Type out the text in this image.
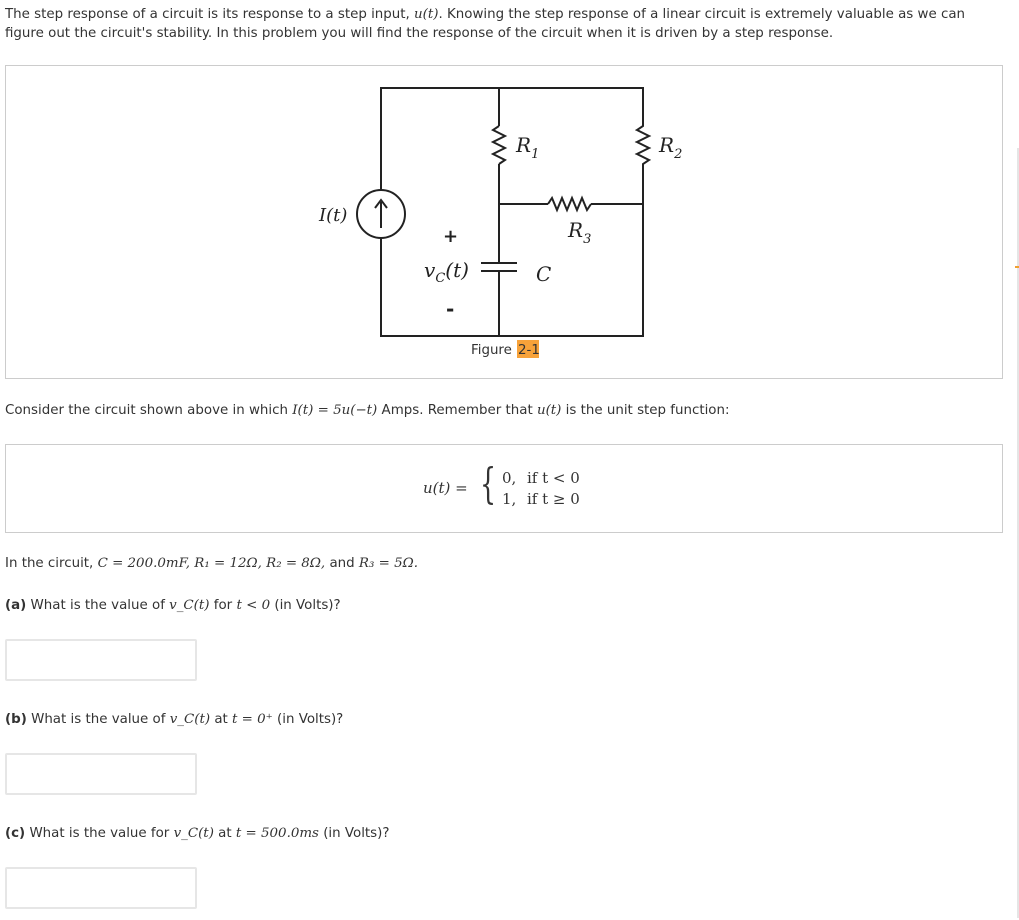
The step response of a circuit is its response to a step input, u(t). Knowing the step response of a linear circuit is extremely valuable as we can
figure out the circuit's stability. In this problem you will find the response of the circuit when it is driven by a step response.
I(t)
$R_1$	$R_2$
$R_3$
C
$v_C(t)$
+
-
Figure 2-1
Consider the circuit shown above in which I(t) = 5u(−t) Amps. Remember that u(t) is the unit step function:
u(t) = { 0, if t < 0
1, if t ≥ 0
In the circuit, C = 200.0mF, R₁ = 12Ω, R₂ = 8Ω, and R₃ = 5Ω.
(a) What is the value of v_C(t) for t < 0 (in Volts)?
(b) What is the value of v_C(t) at t = 0⁺ (in Volts)?
(c) What is the value for v_C(t) at t = 500.0ms (in Volts)?
